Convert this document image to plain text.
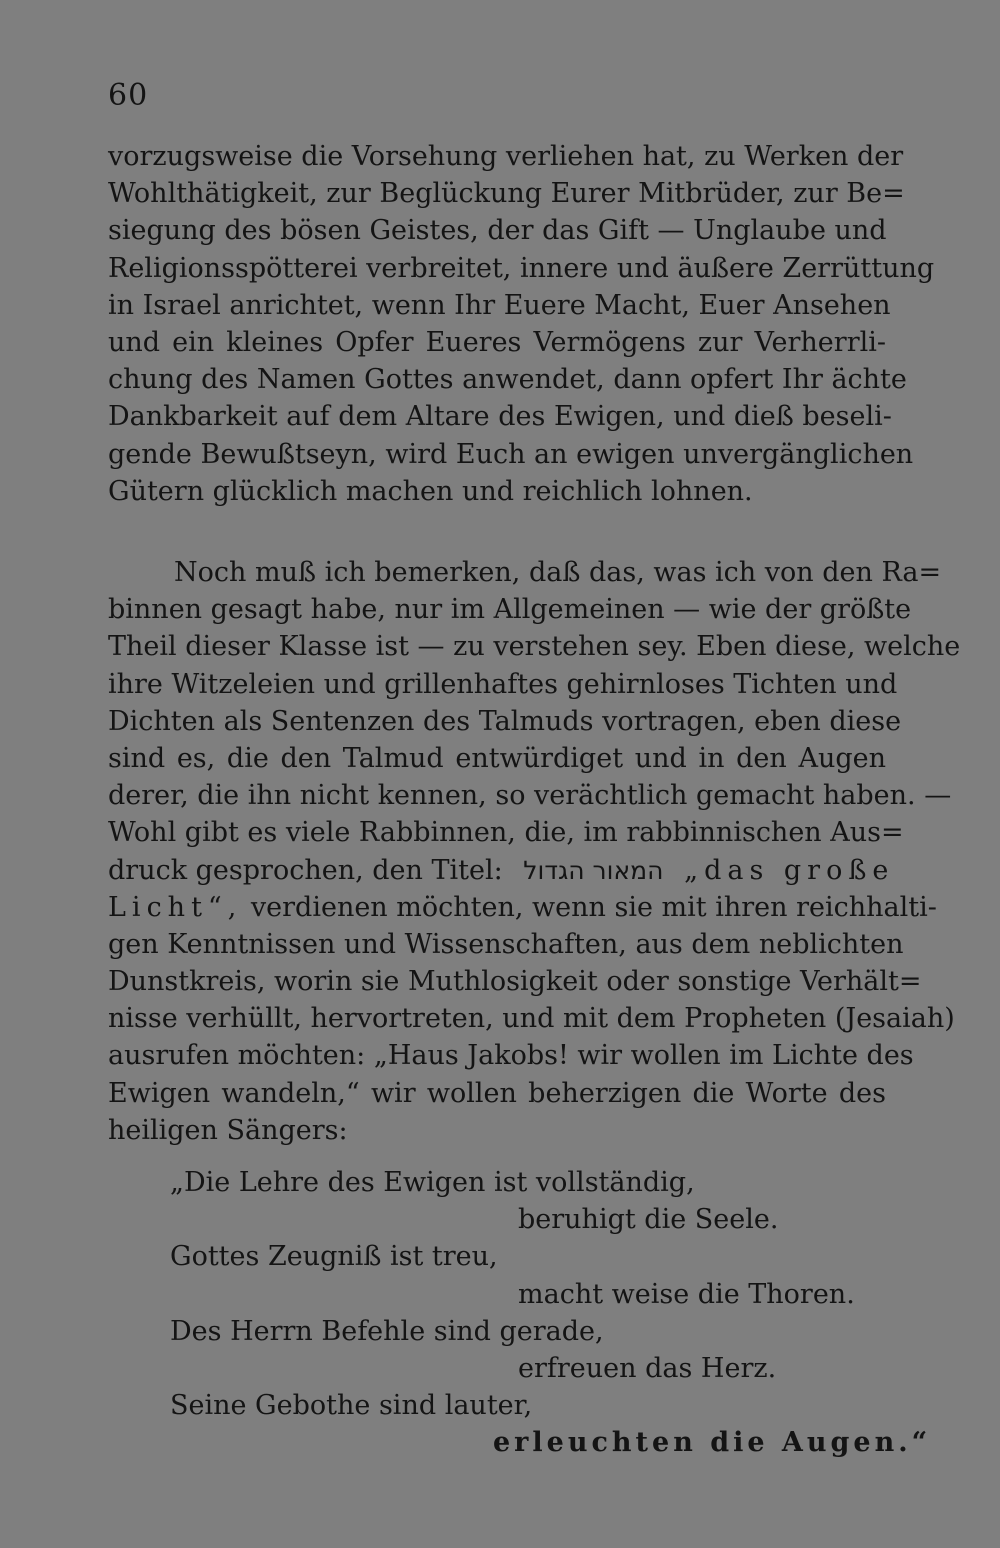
60
vorzugsweise die Vorsehung verliehen hat, zu Werken der
Wohlthätigkeit, zur Beglückung Eurer Mitbrüder, zur Be=
siegung des bösen Geistes, der das Gift — Unglaube und
Religionsspötterei verbreitet, innere und äußere Zerrüttung
in Israel anrichtet, wenn Ihr Euere Macht, Euer Ansehen
und ein kleines Opfer Eueres Vermögens zur Verherrli-
chung des Namen Gottes anwendet, dann opfert Ihr ächte
Dankbarkeit auf dem Altare des Ewigen, und dieß beseli-
gende Bewußtseyn, wird Euch an ewigen unvergänglichen
Gütern glücklich machen und reichlich lohnen.
Noch muß ich bemerken, daß das, was ich von den Ra=
binnen gesagt habe, nur im Allgemeinen — wie der größte
Theil dieser Klasse ist — zu verstehen sey. Eben diese, welche
ihre Witzeleien und grillenhaftes gehirnloses Tichten und
Dichten als Sentenzen des Talmuds vortragen, eben diese
sind es, die den Talmud entwürdiget und in den Augen
derer, die ihn nicht kennen, so verächtlich gemacht haben. —
Wohl gibt es viele Rabbinnen, die, im rabbinnischen Aus=
druck gesprochen, den Titel: המאור הגדול „das große
Licht“, verdienen möchten, wenn sie mit ihren reichhalti-
gen Kenntnissen und Wissenschaften, aus dem neblichten
Dunstkreis, worin sie Muthlosigkeit oder sonstige Verhält=
nisse verhüllt, hervortreten, und mit dem Propheten (Jesaiah)
ausrufen möchten: „Haus Jakobs! wir wollen im Lichte des
Ewigen wandeln,“ wir wollen beherzigen die Worte des
heiligen Sängers:
„Die Lehre des Ewigen ist vollständig,
beruhigt die Seele.
Gottes Zeugniß ist treu,
macht weise die Thoren.
Des Herrn Befehle sind gerade,
erfreuen das Herz.
Seine Gebothe sind lauter,
erleuchten die Augen.“
